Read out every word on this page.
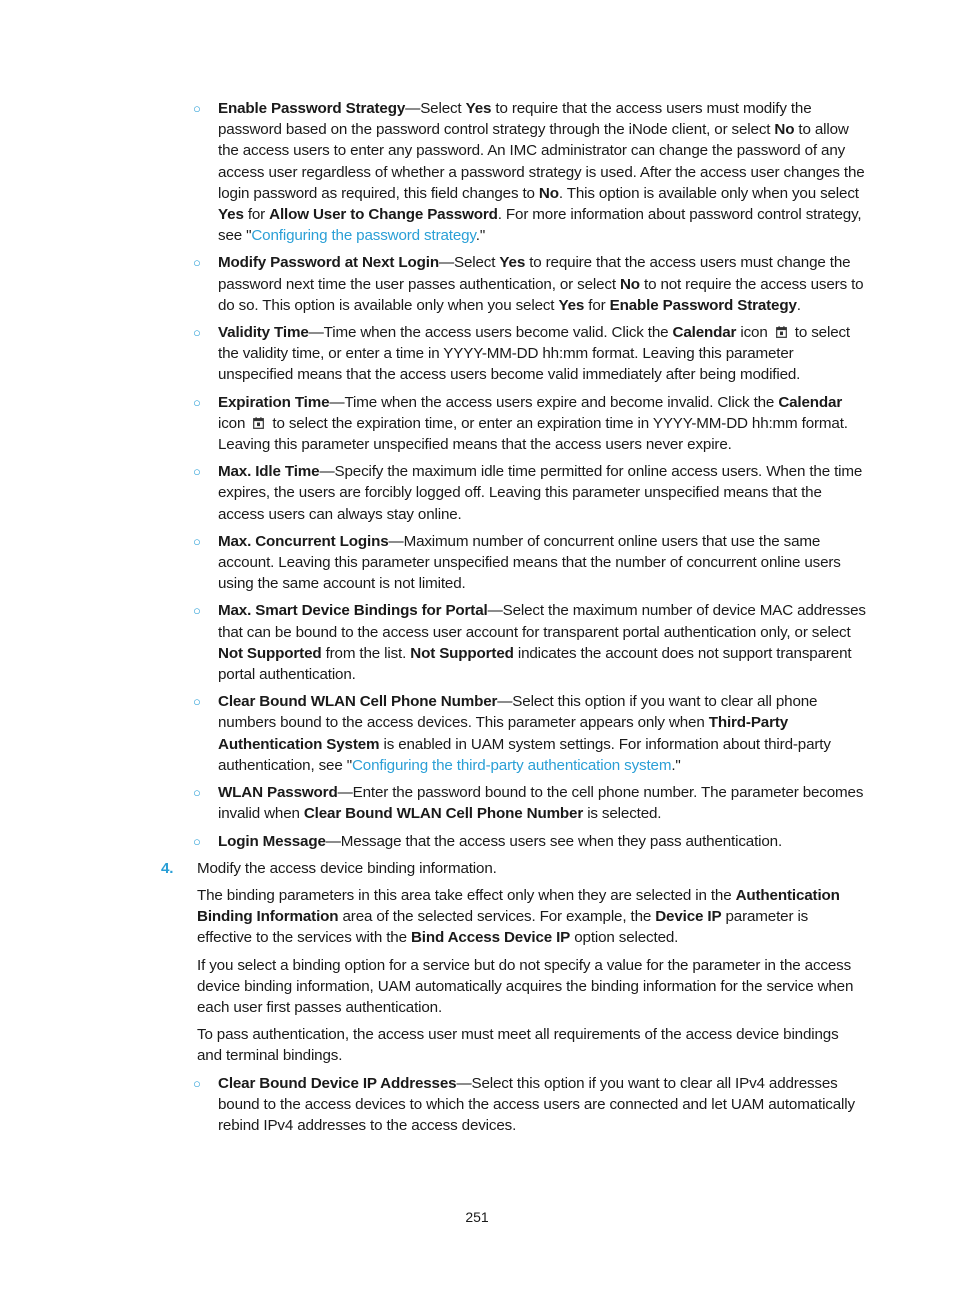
○ Enable Password Strategy—Select Yes to require that the access users must modify the password based on the password control strategy through the iNode client, or select No to allow the access users to enter any password. An IMC administrator can change the password of any access user regardless of whether a password strategy is used. After the access user changes the login password as required, this field changes to No. This option is available only when you select Yes for Allow User to Change Password. For more information about password control strategy, see "Configuring the password strategy."
○ Modify Password at Next Login—Select Yes to require that the access users must change the password next time the user passes authentication, or select No to not require the access users to do so. This option is available only when you select Yes for Enable Password Strategy.
○ Validity Time—Time when the access users become valid. Click the Calendar icon  to select the validity time, or enter a time in YYYY-MM-DD hh:mm format. Leaving this parameter unspecified means that the access users become valid immediately after being modified.
○ Expiration Time—Time when the access users expire and become invalid. Click the Calendar icon  to select the expiration time, or enter an expiration time in YYYY-MM-DD hh:mm format. Leaving this parameter unspecified means that the access users never expire.
○ Max. Idle Time—Specify the maximum idle time permitted for online access users. When the time expires, the users are forcibly logged off. Leaving this parameter unspecified means that the access users can always stay online.
○ Max. Concurrent Logins—Maximum number of concurrent online users that use the same account. Leaving this parameter unspecified means that the number of concurrent online users using the same account is not limited.
○ Max. Smart Device Bindings for Portal—Select the maximum number of device MAC addresses that can be bound to the access user account for transparent portal authentication only, or select Not Supported from the list. Not Supported indicates the account does not support transparent portal authentication.
○ Clear Bound WLAN Cell Phone Number—Select this option if you want to clear all phone numbers bound to the access devices. This parameter appears only when Third-Party Authentication System is enabled in UAM system settings. For information about third-party authentication, see "Configuring the third-party authentication system."
○ WLAN Password—Enter the password bound to the cell phone number. The parameter becomes invalid when Clear Bound WLAN Cell Phone Number is selected.
○ Login Message—Message that the access users see when they pass authentication.
4. Modify the access device binding information.
The binding parameters in this area take effect only when they are selected in the Authentication Binding Information area of the selected services. For example, the Device IP parameter is effective to the services with the Bind Access Device IP option selected.
If you select a binding option for a service but do not specify a value for the parameter in the access device binding information, UAM automatically acquires the binding information for the service when each user first passes authentication.
To pass authentication, the access user must meet all requirements of the access device bindings and terminal bindings.
○ Clear Bound Device IP Addresses—Select this option if you want to clear all IPv4 addresses bound to the access devices to which the access users are connected and let UAM automatically rebind IPv4 addresses to the access devices.
251
